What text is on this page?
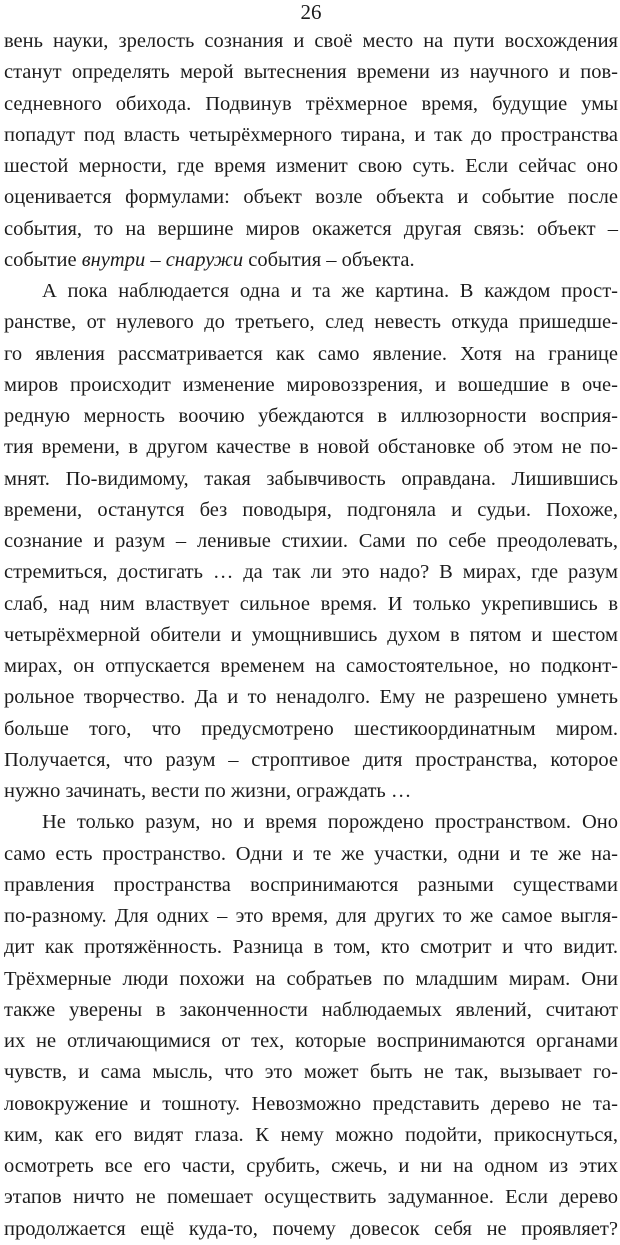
26
вень науки, зрелость сознания и своё место на пути восхождения
станут определять мерой вытеснения времени из научного и пов-
седневного обихода. Подвинув трёхмерное время, будущие умы
попадут под власть четырёхмерного тирана, и так до пространства
шестой мерности, где время изменит свою суть. Если сейчас оно
оценивается формулами: объект возле объекта и событие после
события, то на вершине миров окажется другая связь: объект –
событие внутри – снаружи события – объекта.
А пока наблюдается одна и та же картина. В каждом прост-
ранстве, от нулевого до третьего, след невесть откуда пришедше-
го явления рассматривается как само явление. Хотя на границе
миров происходит изменение мировоззрения, и вошедшие в оче-
редную мерность воочию убеждаются в иллюзорности восприя-
тия времени, в другом качестве в новой обстановке об этом не по-
мнят. По-видимому, такая забывчивость оправдана. Лишившись
времени, останутся без поводыря, подгоняла и судьи. Похоже,
сознание и разум – ленивые стихии. Сами по себе преодолевать,
стремиться, достигать … да так ли это надо? В мирах, где разум
слаб, над ним властвует сильное время. И только укрепившись в
четырёхмерной обители и умощнившись духом в пятом и шестом
мирах, он отпускается временем на самостоятельное, но подконт-
рольное творчество. Да и то ненадолго. Ему не разрешено умнеть
больше того, что предусмотрено шестикоординатным миром.
Получается, что разум – строптивое дитя пространства, которое
нужно зачинать, вести по жизни, ограждать …
Не только разум, но и время порождено пространством. Оно
само есть пространство. Одни и те же участки, одни и те же на-
правления пространства воспринимаются разными существами
по-разному. Для одних – это время, для других то же самое выгля-
дит как протяжённость. Разница в том, кто смотрит и что видит.
Трёхмерные люди похожи на собратьев по младшим мирам. Они
также уверены в законченности наблюдаемых явлений, считают
их не отличающимися от тех, которые воспринимаются органами
чувств, и сама мысль, что это может быть не так, вызывает го-
ловокружение и тошноту. Невозможно представить дерево не та-
ким, как его видят глаза. К нему можно подойти, прикоснуться,
осмотреть все его части, срубить, сжечь, и ни на одном из этих
этапов ничто не помешает осуществить задуманное. Если дерево
продолжается ещё куда-то, почему довесок себя не проявляет?
